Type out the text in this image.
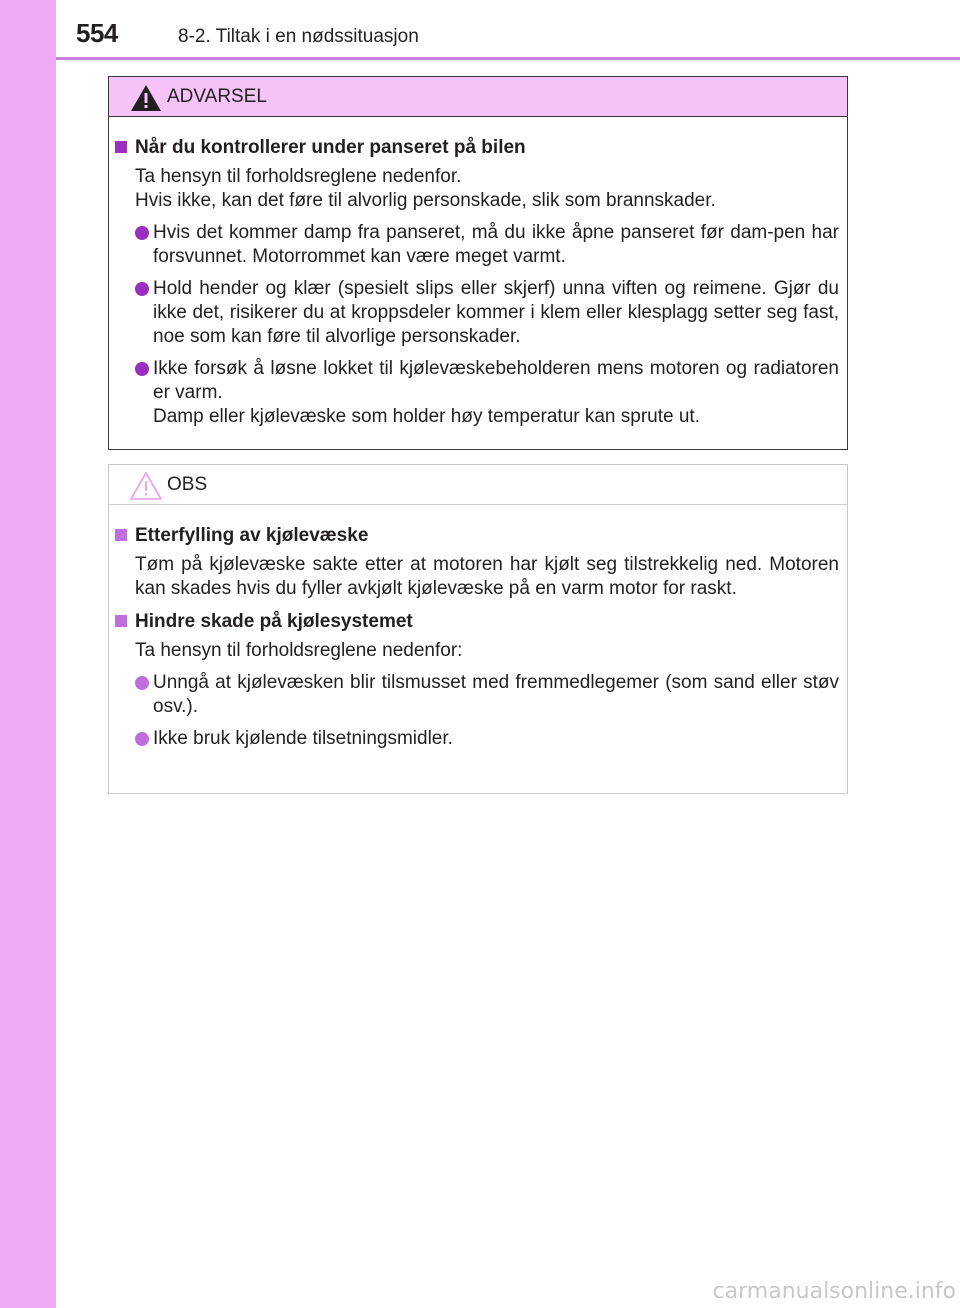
554	8-2. Tiltak i en nødssituasjon
ADVARSEL
Når du kontrollerer under panseret på bilen
Ta hensyn til forholdsreglene nedenfor.
Hvis ikke, kan det føre til alvorlig personskade, slik som brannskader.
Hvis det kommer damp fra panseret, må du ikke åpne panseret før dam-pen har forsvunnet. Motorrommet kan være meget varmt.
Hold hender og klær (spesielt slips eller skjerf) unna viften og reimene. Gjør du ikke det, risikerer du at kroppsdeler kommer i klem eller klesplagg setter seg fast, noe som kan føre til alvorlige personskader.
Ikke forsøk å løsne lokket til kjølevæskebeholderen mens motoren og radiatoren er varm.
Damp eller kjølevæske som holder høy temperatur kan sprute ut.
OBS
Etterfylling av kjølevæske
Tøm på kjølevæske sakte etter at motoren har kjølt seg tilstrekkelig ned. Motoren kan skades hvis du fyller avkjølt kjølevæske på en varm motor for raskt.
Hindre skade på kjølesystemet
Ta hensyn til forholdsreglene nedenfor:
Unngå at kjølevæsken blir tilsmusset med fremmedlegemer (som sand eller støv osv.).
Ikke bruk kjølende tilsetningsmidler.
carmanualsonline.info
